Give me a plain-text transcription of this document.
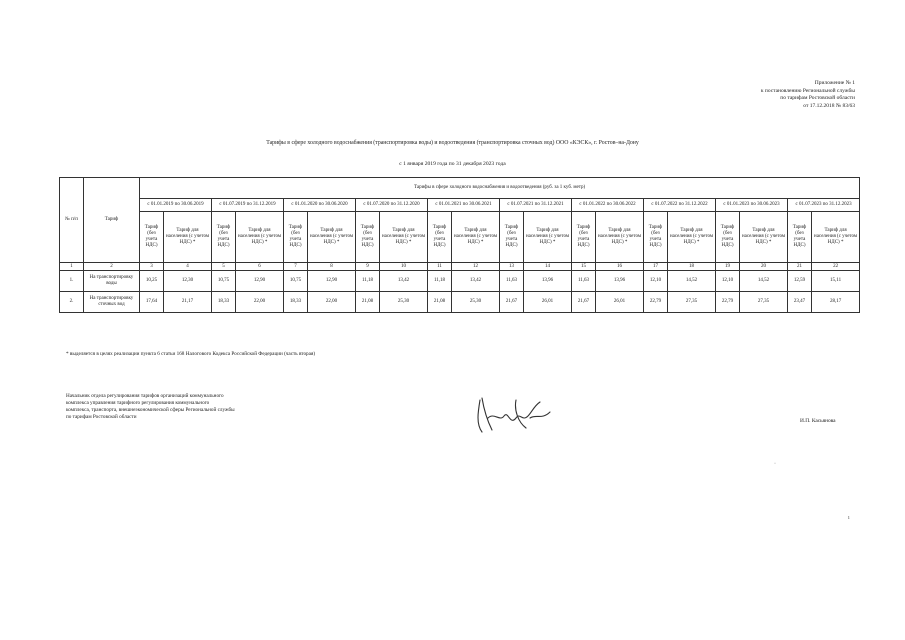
Приложение № 1
к постановлению Региональной службы
по тарифам Ростовской области
от 17.12.2018 № 83/63
Тарифы в сфере холодного водоснабжения (транспортировка воды) и водоотведения (транспортировка сточных вод) ООО «КЭСК», г. Ростов–на-Дону
с 1 января 2019 года по 31 декабря 2023 года
№ п/п	Тариф	Тарифы в сфере холодного водоснабжения и водоотведения (руб. за 1 куб. метр)																			
		с 01.01.2019 по 30.06.2019		с 01.07.2019 по 31.12.2019		с 01.01.2020 по 30.06.2020		с 01.07.2020 по 31.12.2020		с 01.01.2021 по 30.06.2021		с 01.07.2021 по 31.12.2021		с 01.01.2022 по 30.06.2022		с 01.07.2022 по 31.12.2022		с 01.01.2023 по 30.06.2023		с 01.07.2023 по 31.12.2023	
		Тариф (без учета НДС)	Тариф для населения (с учетом НДС) *	Тариф (без учета НДС)	Тариф для населения (с учетом НДС) *	Тариф (без учета НДС)	Тариф для населения (с учетом НДС) *	Тариф (без учета НДС)	Тариф для населения (с учетом НДС) *	Тариф (без учета НДС)	Тариф для населения (с учетом НДС) *	Тариф (без учета НДС)	Тариф для населения (с учетом НДС) *	Тариф (без учета НДС)	Тариф для населения (с учетом НДС) *	Тариф (без учета НДС)	Тариф для населения (с учетом НДС) *	Тариф (без учета НДС)	Тариф для населения (с учетом НДС) *	Тариф (без учета НДС)	Тариф для населения (с учетом НДС) *
1	2	3	4	5	6	7	8	9	10	11	12	13	14	15	16	17	18	19	20	21	22
1.	На транспортировку воды	10,25	12,30	10,75	12,90	10,75	12,90	11,18	13,42	11,18	13,42	11,63	13,96	11,63	13,96	12,10	14,52	12,10	14,52	12,59	15,11
2.	На транспортировку сточных вод	17,64	21,17	18,33	22,00	18,33	22,00	21,08	25,30	21,08	25,30	21,67	26,01	21,67	26,01	22,79	27,35	22,79	27,35	23,47	28,17
* выделяется в целях реализации пункта 6 статьи 168 Налогового Кодекса Российской Федерации (часть вторая)
Начальник отдела регулирования тарифов организаций коммунального
комплекса управления тарифного регулирования коммунального
комплекса, транспорта, внешнеэкономической сферы Региональной службы
по тарифам Ростовской области
И.П. Касьянова
·
ı
